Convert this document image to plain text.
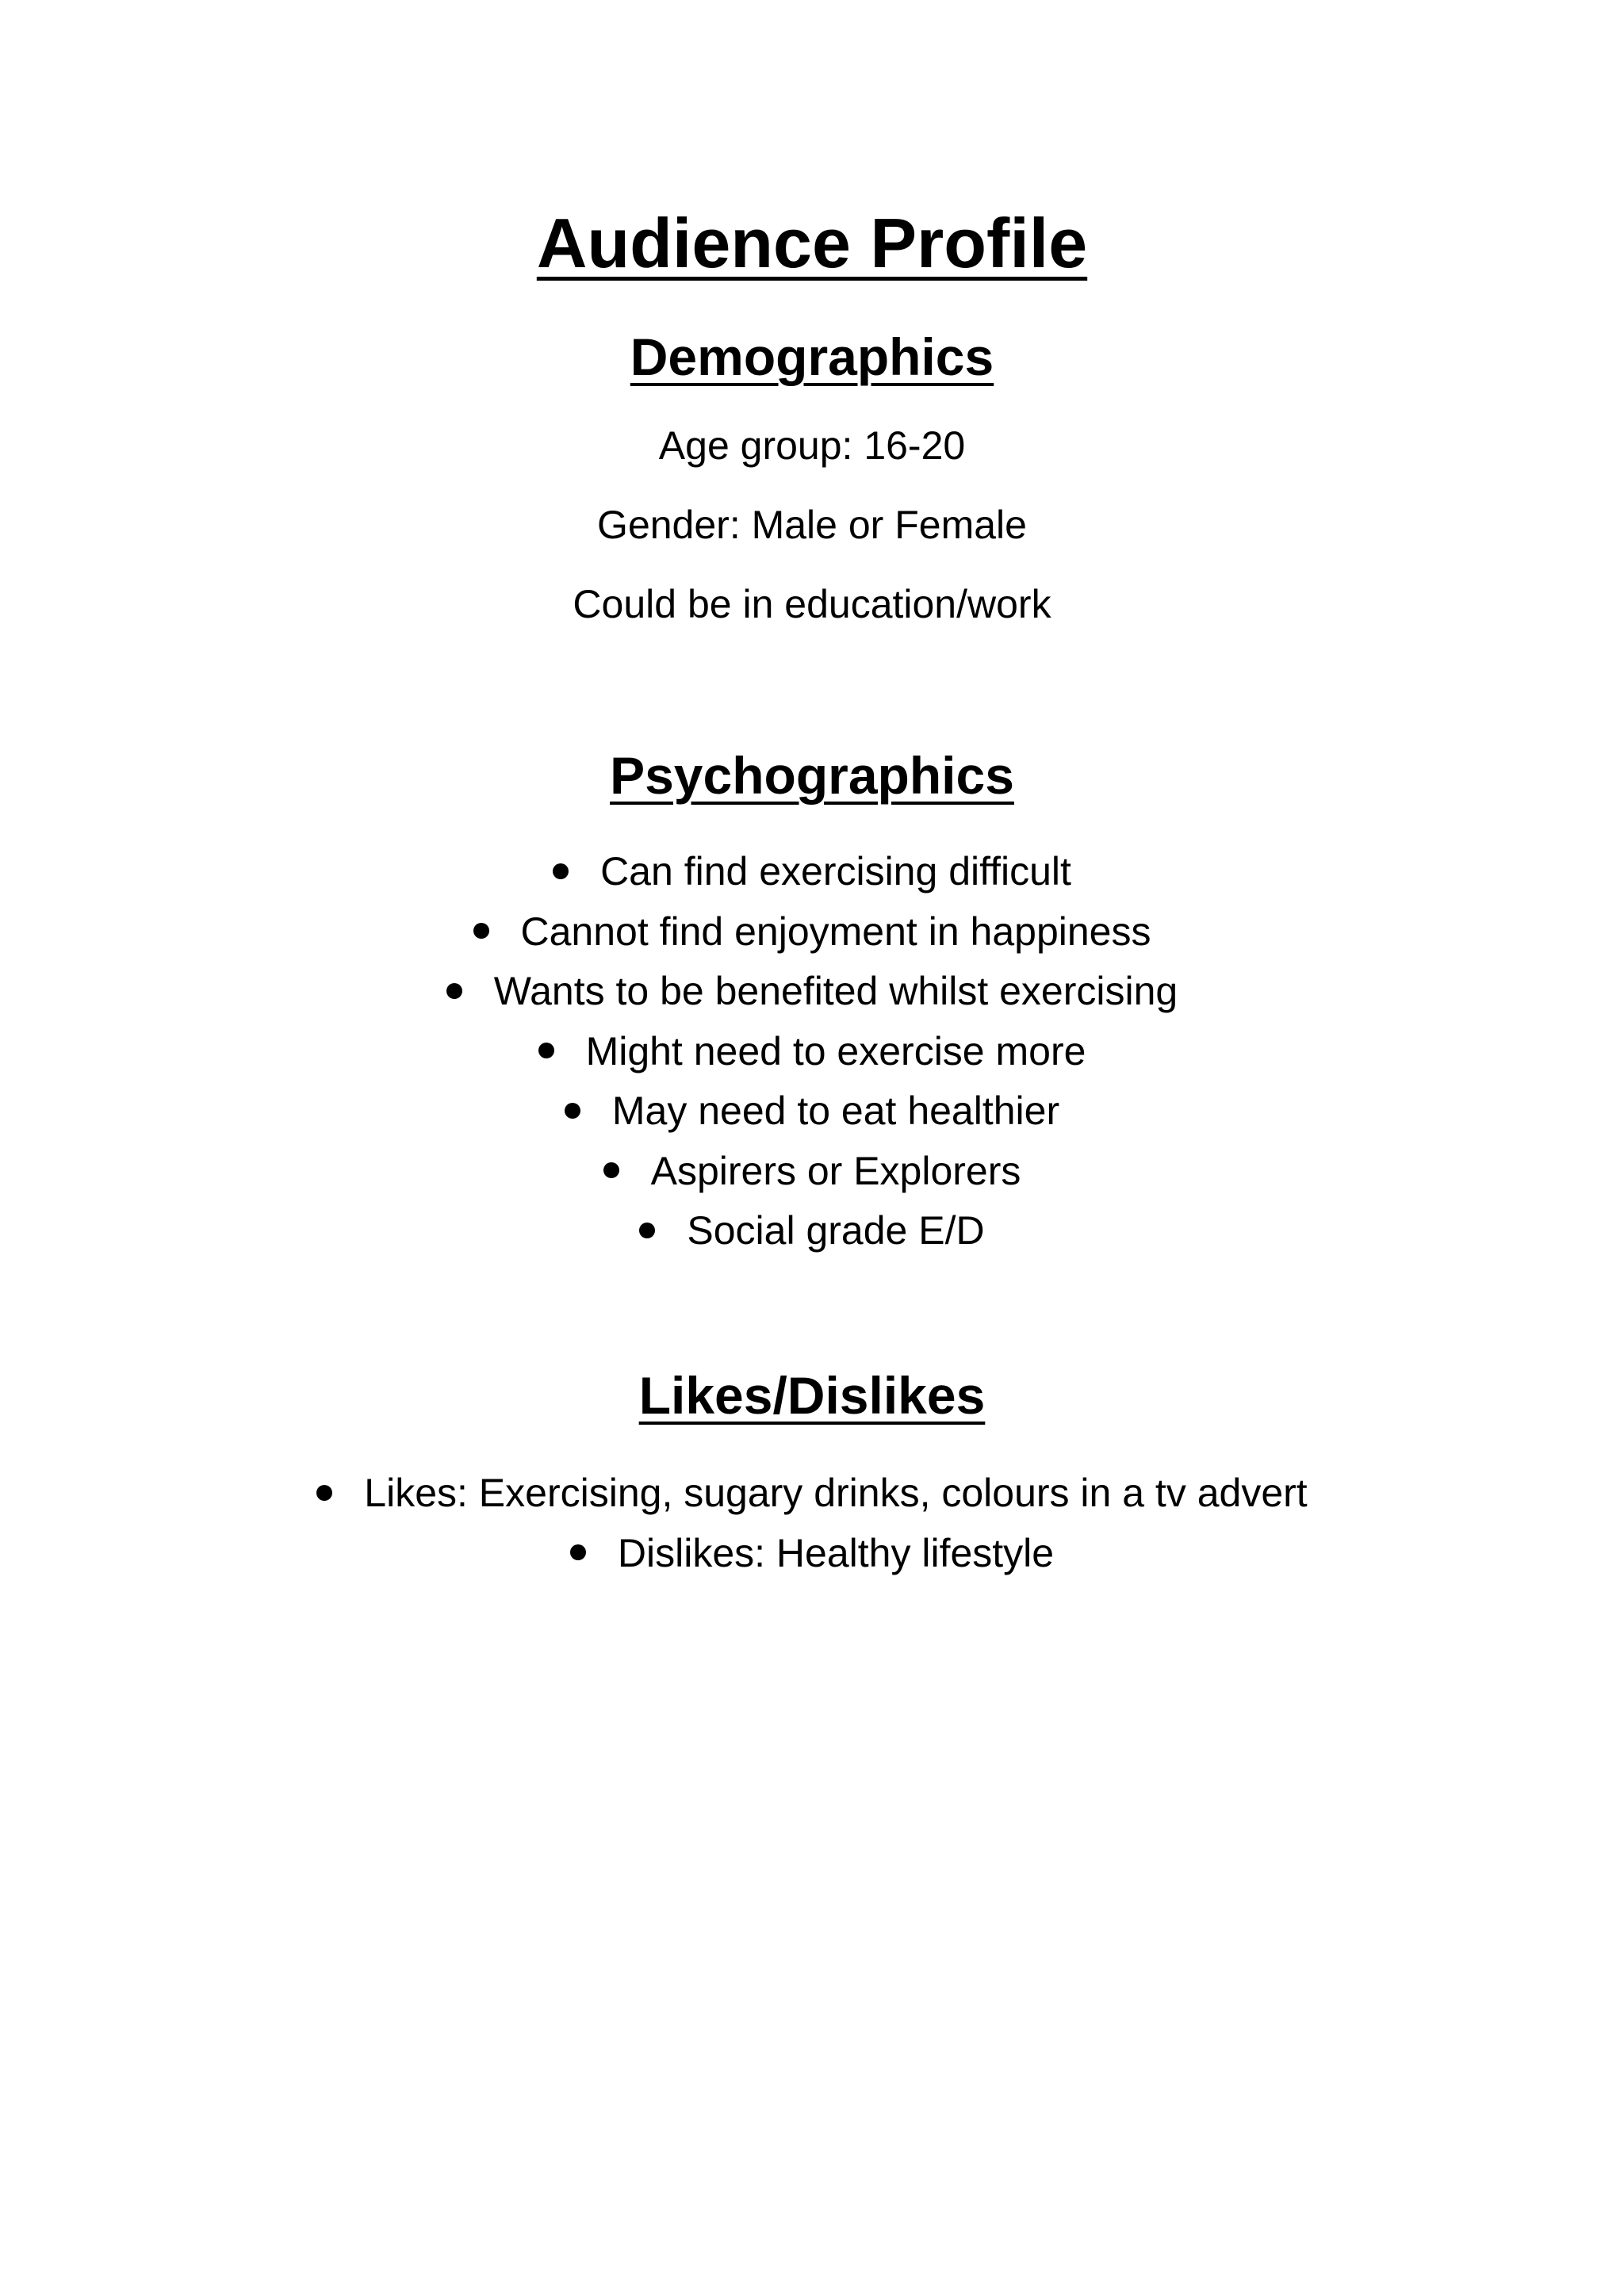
Audience Profile
Demographics

Age group: 16-20

Gender: Male or Female

Could be in education/work

Psychographics
Can find exercising difficult
Cannot find enjoyment in happiness
Wants to be benefited whilst exercising
Might need to exercise more
May need to eat healthier
Aspirers or Explorers
Social grade E/D
Likes/Dislikes
Likes: Exercising, sugary drinks, colours in a tv advert
Dislikes: Healthy lifestyle
